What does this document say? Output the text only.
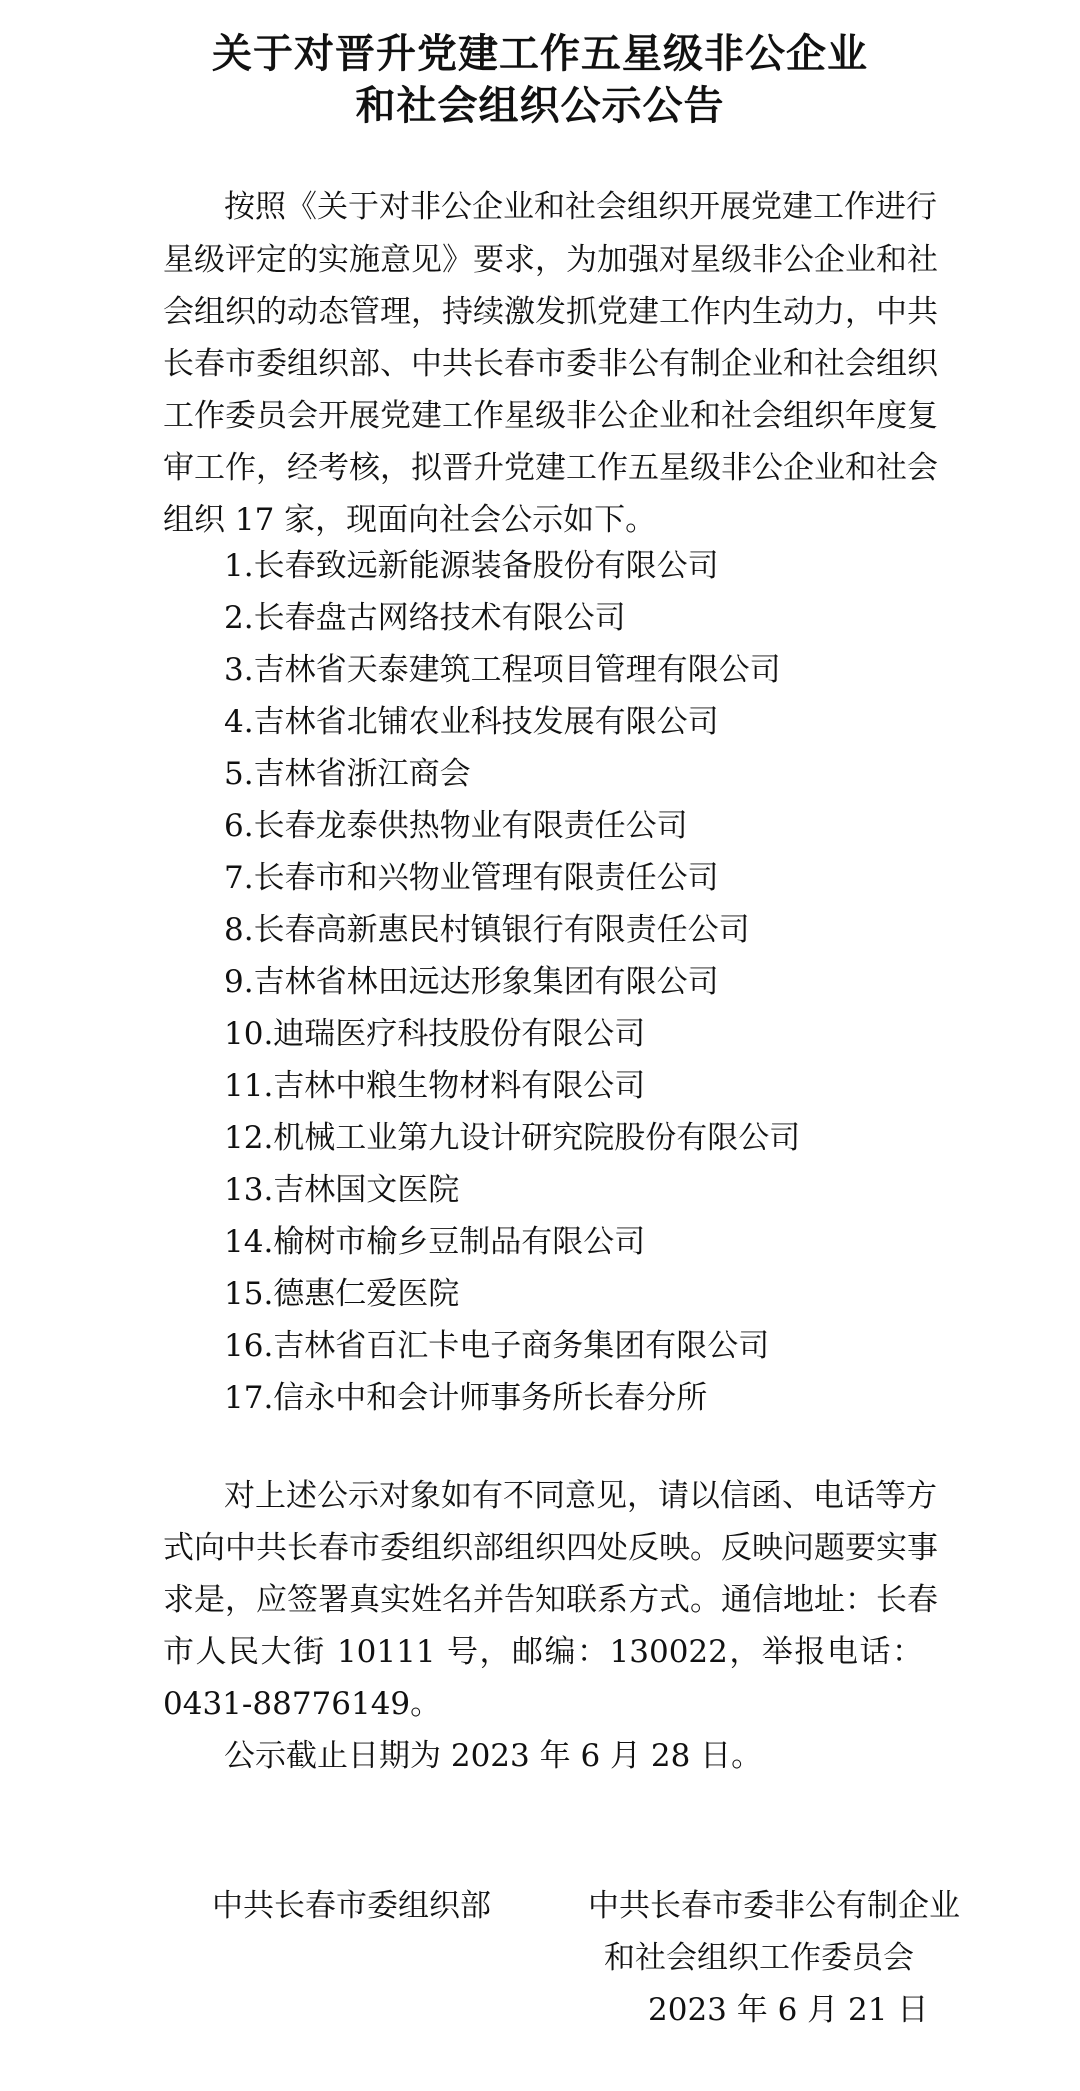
关于对晋升党建工作五星级非公企业
和社会组织公示公告
按照《关于对非公企业和社会组织开展党建工作进行
星级评定的实施意见》要求，为加强对星级非公企业和社
会组织的动态管理，持续激发抓党建工作内生动力，中共
长春市委组织部、中共长春市委非公有制企业和社会组织
工作委员会开展党建工作星级非公企业和社会组织年度复
审工作，经考核，拟晋升党建工作五星级非公企业和社会
组织 17 家，现面向社会公示如下。
1.长春致远新能源装备股份有限公司
2.长春盘古网络技术有限公司
3.吉林省天泰建筑工程项目管理有限公司
4.吉林省北铺农业科技发展有限公司
5.吉林省浙江商会
6.长春龙泰供热物业有限责任公司
7.长春市和兴物业管理有限责任公司
8.长春高新惠民村镇银行有限责任公司
9.吉林省林田远达形象集团有限公司
10.迪瑞医疗科技股份有限公司
11.吉林中粮生物材料有限公司
12.机械工业第九设计研究院股份有限公司
13.吉林国文医院
14.榆树市榆乡豆制品有限公司
15.德惠仁爱医院
16.吉林省百汇卡电子商务集团有限公司
17.信永中和会计师事务所长春分所
对上述公示对象如有不同意见，请以信函、电话等方
式向中共长春市委组织部组织四处反映。反映问题要实事
求是，应签署真实姓名并告知联系方式。通信地址：长春
市人民大街 10111 号，邮编：130022，举报电话：
0431-88776149。
公示截止日期为 2023 年 6 月 28 日。
中共长春市委组织部	中共长春市委非公有制企业
和社会组织工作委员会
2023 年 6 月 21 日
